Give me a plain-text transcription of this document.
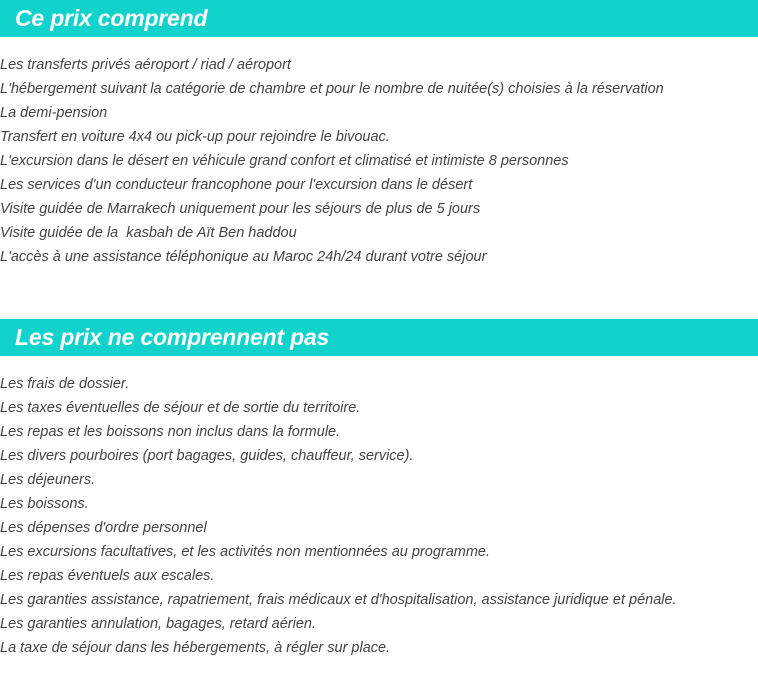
Ce prix comprend
Les transferts privés aéroport / riad / aéroport
L'hébergement suivant la catégorie de chambre et pour le nombre de nuitée(s) choisies à la réservation
La demi-pension
Transfert en voiture 4x4 ou pick-up pour rejoindre le bivouac.
L'excursion dans le désert en véhicule grand confort et climatisé et intimiste 8 personnes
Les services d'un conducteur francophone pour l'excursion dans le désert
Visite guidée de Marrakech uniquement pour les séjours de plus de 5 jours
Visite guidée de la  kasbah de Aït Ben haddou
L'accès à une assistance téléphonique au Maroc 24h/24 durant votre séjour
Les prix ne comprennent pas
Les frais de dossier.
Les taxes éventuelles de séjour et de sortie du territoire.
Les repas et les boissons non inclus dans la formule.
Les divers pourboires (port bagages, guides, chauffeur, service).
Les déjeuners.
Les boissons.
Les dépenses d'ordre personnel
Les excursions facultatives, et les activités non mentionnées au programme.
Les repas éventuels aux escales.
Les garanties assistance, rapatriement, frais médicaux et d'hospitalisation, assistance juridique et pénale.
Les garanties annulation, bagages, retard aérien.
La taxe de séjour dans les hébergements, à régler sur place.
